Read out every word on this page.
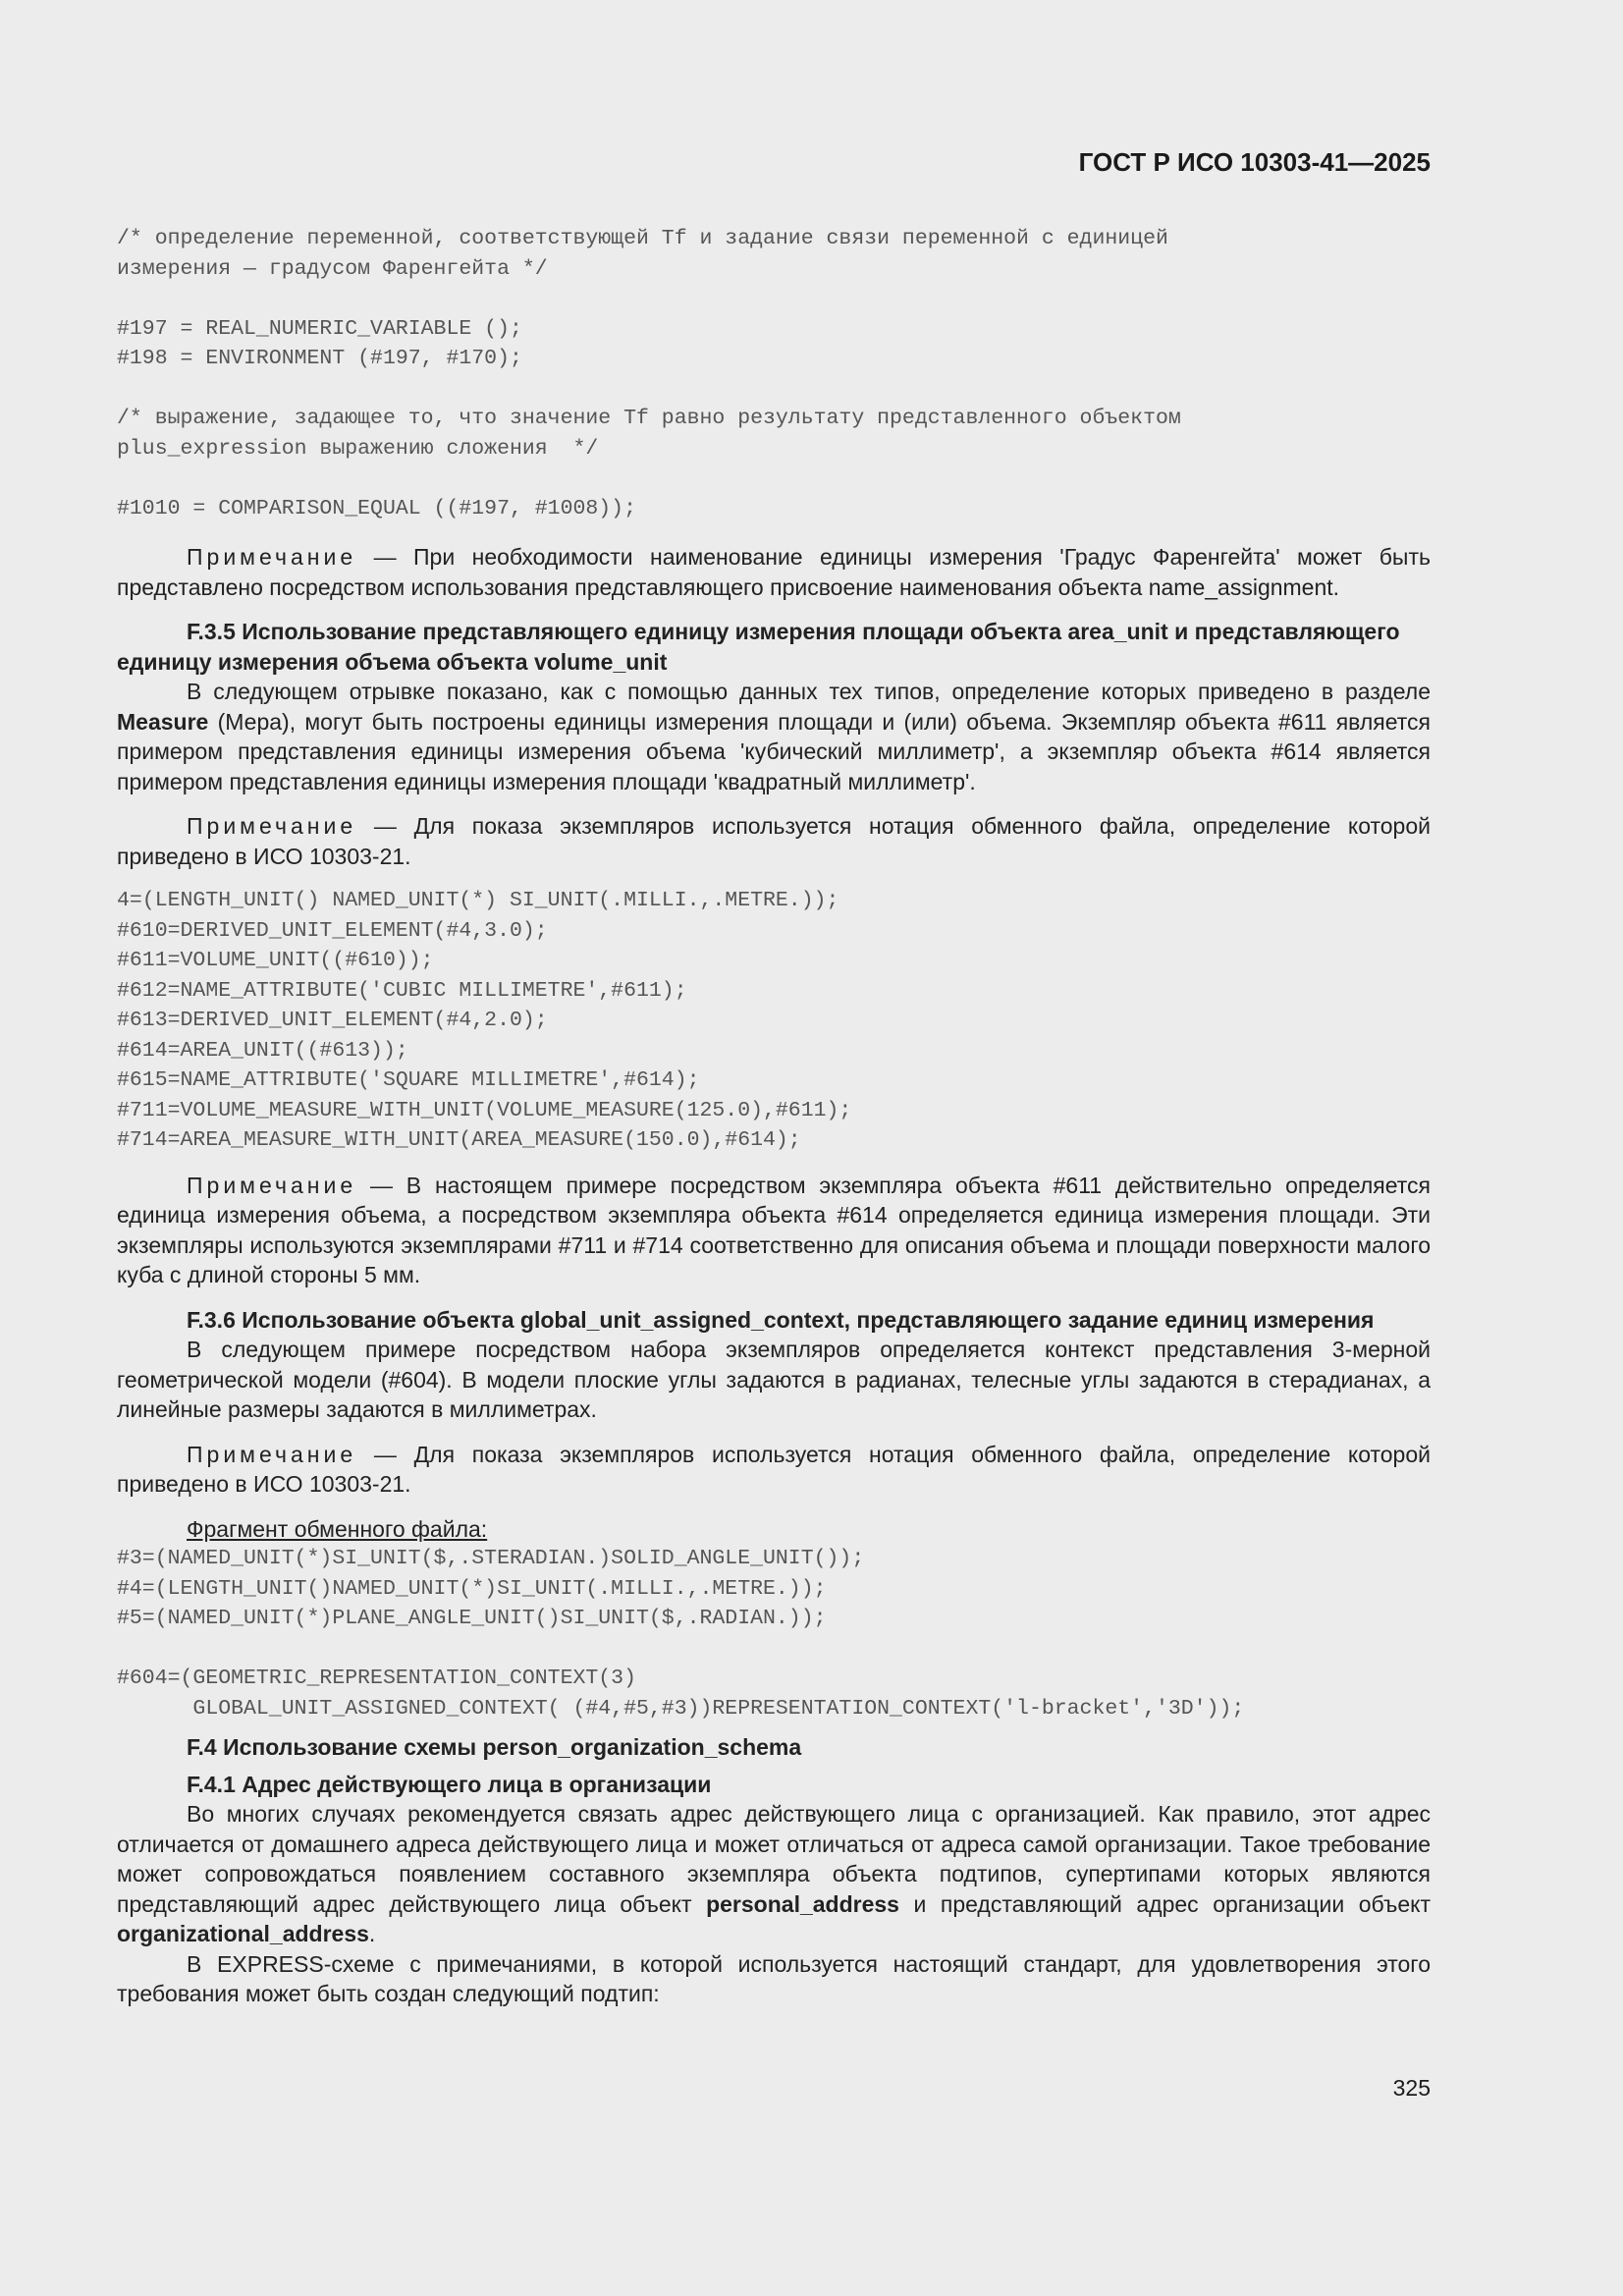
ГОСТ Р ИСО 10303-41—2025
/* определение переменной, соответствующей Tf и задание связи переменной с единицей
измерения — градусом Фаренгейта */

#197 = REAL_NUMERIC_VARIABLE ();
#198 = ENVIRONMENT (#197, #170);

/* выражение, задающее то, что значение Tf равно результату представленного объектом
plus_expression выражению сложения  */

#1010 = COMPARISON_EQUAL ((#197, #1008));

Примечание — При необходимости наименование единицы измерения 'Градус Фаренгейта' может быть представлено посредством использования представляющего присвоение наименования объекта name_assignment.

F.3.5 Использование представляющего единицу измерения площади объекта area_unit и представляющего единицу измерения объема объекта volume_unit

В следующем отрывке показано, как с помощью данных тех типов, определение которых приведено в разделе Measure (Мера), могут быть построены единицы измерения площади и (или) объема. Экземпляр объекта #611 является примером представления единицы измерения объема 'кубический миллиметр', а экземпляр объекта #614 является примером представления единицы измерения площади 'квадратный миллиметр'.

Примечание — Для показа экземпляров используется нотация обменного файла, определение которой приведено в ИСО 10303-21.

4=(LENGTH_UNIT() NAMED_UNIT(*) SI_UNIT(.MILLI.,.METRE.));
#610=DERIVED_UNIT_ELEMENT(#4,3.0);
#611=VOLUME_UNIT((#610));
#612=NAME_ATTRIBUTE('CUBIC MILLIMETRE',#611);
#613=DERIVED_UNIT_ELEMENT(#4,2.0);
#614=AREA_UNIT((#613));
#615=NAME_ATTRIBUTE('SQUARE MILLIMETRE',#614);
#711=VOLUME_MEASURE_WITH_UNIT(VOLUME_MEASURE(125.0),#611);
#714=AREA_MEASURE_WITH_UNIT(AREA_MEASURE(150.0),#614);

Примечание — В настоящем примере посредством экземпляра объекта #611 действительно определяется единица измерения объема, а посредством экземпляра объекта #614 определяется единица измерения площади. Эти экземпляры используются экземплярами #711 и #714 соответственно для описания объема и площади поверхности малого куба с длиной стороны 5 мм.

F.3.6 Использование объекта global_unit_assigned_context, представляющего задание единиц измерения

В следующем примере посредством набора экземпляров определяется контекст представления 3-мерной геометрической модели (#604). В модели плоские углы задаются в радианах, телесные углы задаются в стерадианах, а линейные размеры задаются в миллиметрах.

Примечание — Для показа экземпляров используется нотация обменного файла, определение которой приведено в ИСО 10303-21.

Фрагмент обменного файла:

#3=(NAMED_UNIT(*)SI_UNIT($,.STERADIAN.)SOLID_ANGLE_UNIT());
#4=(LENGTH_UNIT()NAMED_UNIT(*)SI_UNIT(.MILLI.,.METRE.));
#5=(NAMED_UNIT(*)PLANE_ANGLE_UNIT()SI_UNIT($,.RADIAN.));

#604=(GEOMETRIC_REPRESENTATION_CONTEXT(3)
GLOBAL_UNIT_ASSIGNED_CONTEXT( (#4,#5,#3))REPRESENTATION_CONTEXT('l-bracket','3D'));

F.4 Использование схемы person_organization_schema

F.4.1 Адрес действующего лица в организации

Во многих случаях рекомендуется связать адрес действующего лица с организацией. Как правило, этот адрес отличается от домашнего адреса действующего лица и может отличаться от адреса самой организации. Такое требование может сопровождаться появлением составного экземпляра объекта подтипов, супертипами которых являются представляющий адрес действующего лица объект personal_address и представляющий адрес организации объект organizational_address.

В EXPRESS-схеме с примечаниями, в которой используется настоящий стандарт, для удовлетворения этого требования может быть создан следующий подтип:

325
